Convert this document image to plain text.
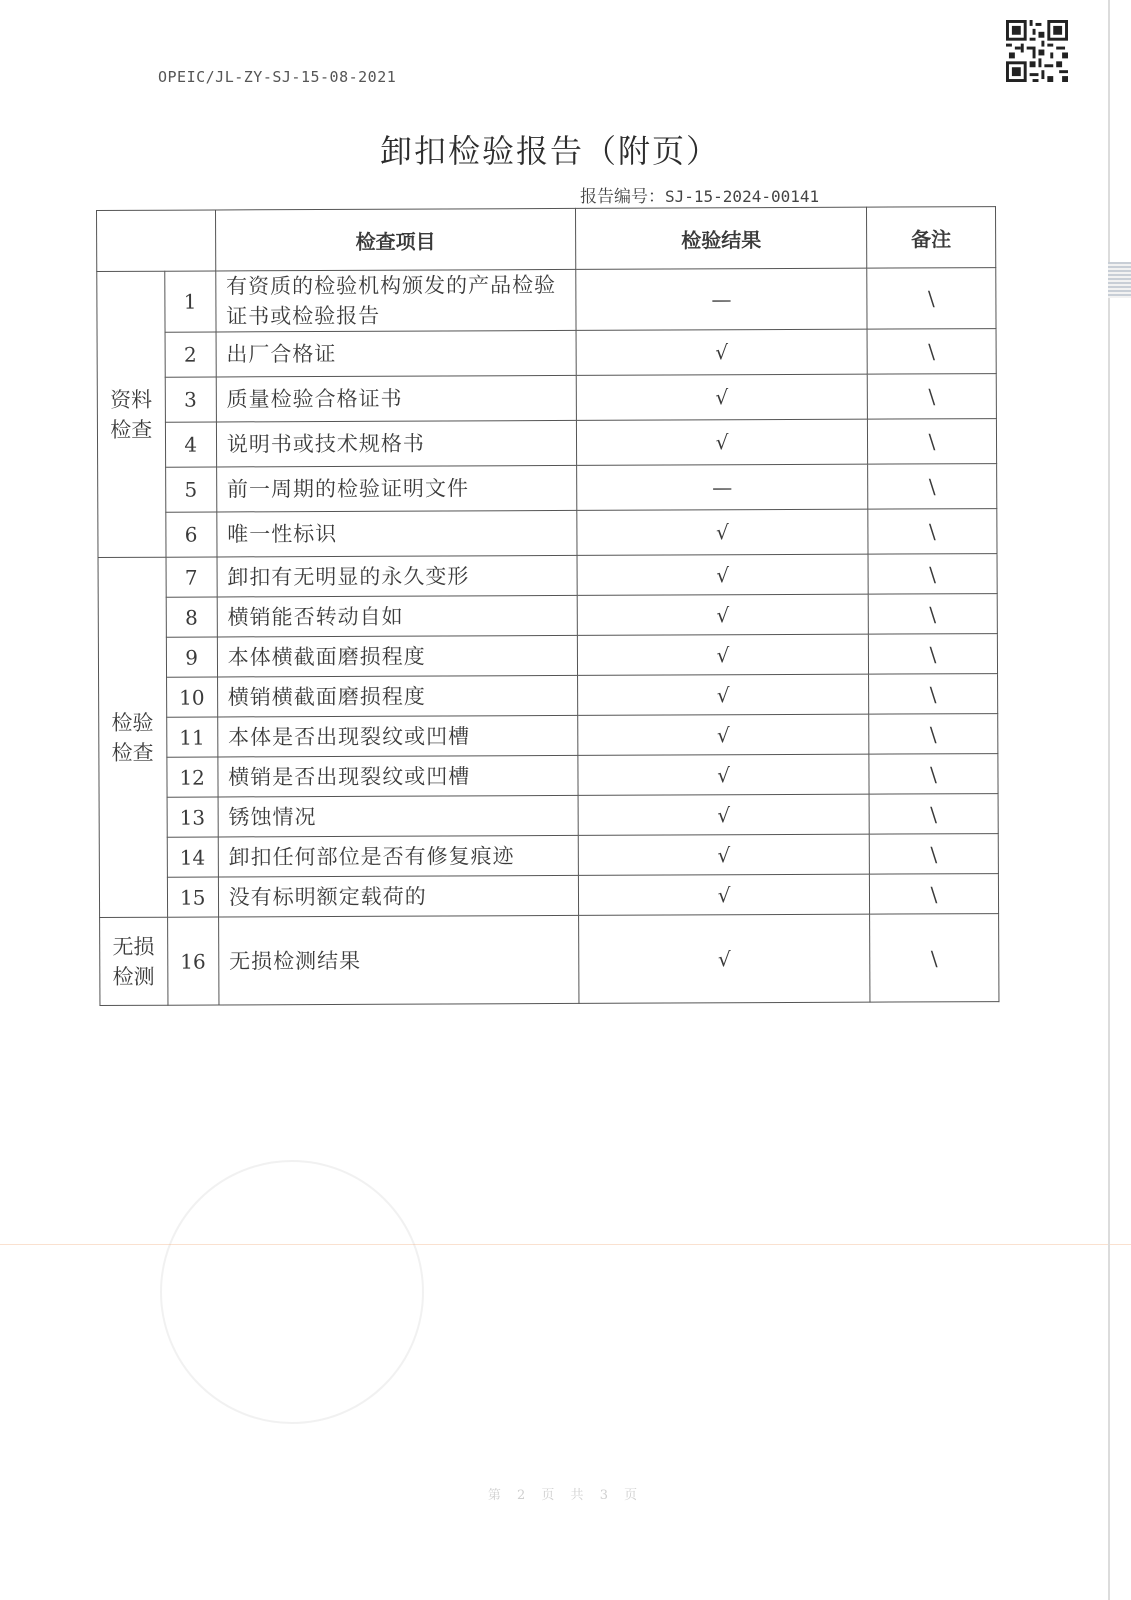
OPEIC/JL-ZY-SJ-15-08-2021
卸扣检验报告（附页）
报告编号：SJ-15-2024-00141
		检查项目	检验结果	备注
资料
检查	1	有资质的检验机构颁发的产品检验
证书或检验报告	—	\
	2	出厂合格证	√	\
	3	质量检验合格证书	√	\
	4	说明书或技术规格书	√	\
	5	前一周期的检验证明文件	—	\
	6	唯一性标识	√	\
检验
检查	7	卸扣有无明显的永久变形	√	\
	8	横销能否转动自如	√	\
	9	本体横截面磨损程度	√	\
	10	横销横截面磨损程度	√	\
	11	本体是否出现裂纹或凹槽	√	\
	12	横销是否出现裂纹或凹槽	√	\
	13	锈蚀情况	√	\
	14	卸扣任何部位是否有修复痕迹	√	\
	15	没有标明额定载荷的	√	\
无损
检测	16	无损检测结果	√	\
第 2 页 共 3 页
